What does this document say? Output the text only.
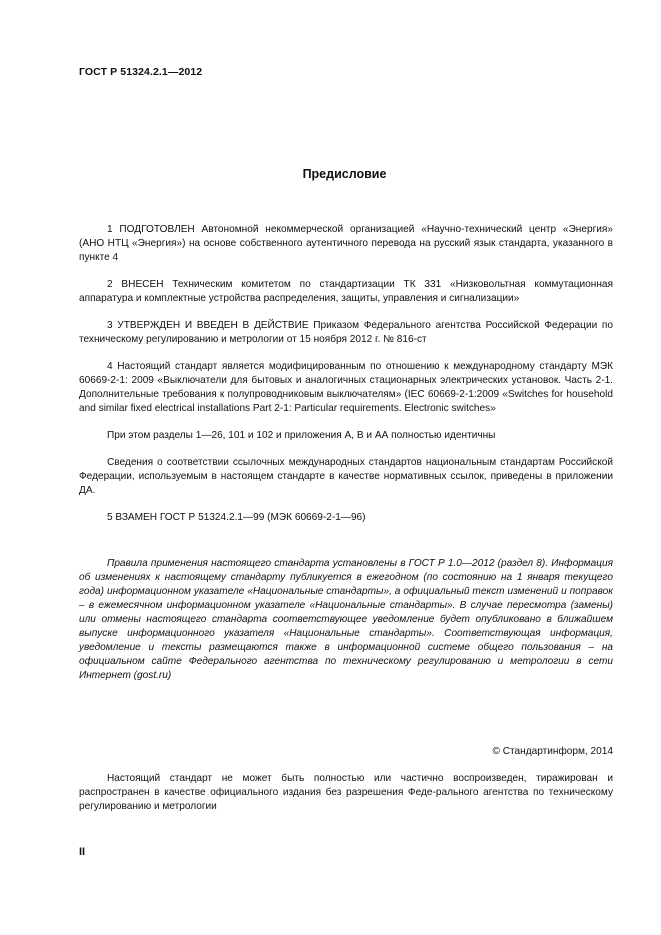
ГОСТ Р 51324.2.1—2012
Предисловие

1 ПОДГОТОВЛЕН Автономной некоммерческой организацией «Научно-технический центр «Энергия» (АНО НТЦ «Энергия») на основе собственного аутентичного перевода на русский язык стандарта, указанного в пункте 4

2 ВНЕСЕН Техническим комитетом по стандартизации ТК 331 «Низковольтная коммутационная аппаратура и комплектные устройства распределения, защиты, управления и сигнализации»

3 УТВЕРЖДЕН И ВВЕДЕН В ДЕЙСТВИЕ Приказом Федерального агентства Российской Федерации по техническому регулированию и метрологии от 15 ноября 2012 г. № 816-ст

4 Настоящий стандарт является модифицированным по отношению к международному стандарту МЭК 60669-2-1: 2009 «Выключатели для бытовых и аналогичных стационарных электрических установок. Часть 2-1. Дополнительные требования к полупроводниковым выключателям» (IEC 60669-2-1:2009 «Switches for household and similar fixed electrical installations Part 2-1: Particular requirements. Electronic switches»

При этом разделы 1—26, 101 и 102 и приложения А, В и АА полностью идентичны

Сведения о соответствии ссылочных международных стандартов национальным стандартам Российской Федерации, используемым в настоящем стандарте в качестве нормативных ссылок, приведены в приложении ДА.

5 ВЗАМЕН ГОСТ Р 51324.2.1—99 (МЭК 60669-2-1—96)

Правила применения настоящего стандарта установлены в ГОСТ Р 1.0—2012 (раздел 8). Информация об изменениях к настоящему стандарту публикуется в ежегодном (по состоянию на 1 января текущего года) информационном указателе «Национальные стандарты», а официальный текст изменений и поправок – в ежемесячном информационном указателе «Национальные стандарты». В случае пересмотра (замены) или отмены настоящего стандарта соответствующее уведомление будет опубликовано в ближайшем выпуске информационного указателя «Национальные стандарты». Соответствующая информация, уведомление и тексты размещаются также в информационной системе общего пользования – на официальном сайте Федерального агентства по техническому регулированию и метрологии в сети Интернет (gost.ru)

© Стандартинформ, 2014

Настоящий стандарт не может быть полностью или частично воспроизведен, тиражирован и распространен в качестве официального издания без разрешения Феде-рального агентства по техническому регулированию и метрологии

II
